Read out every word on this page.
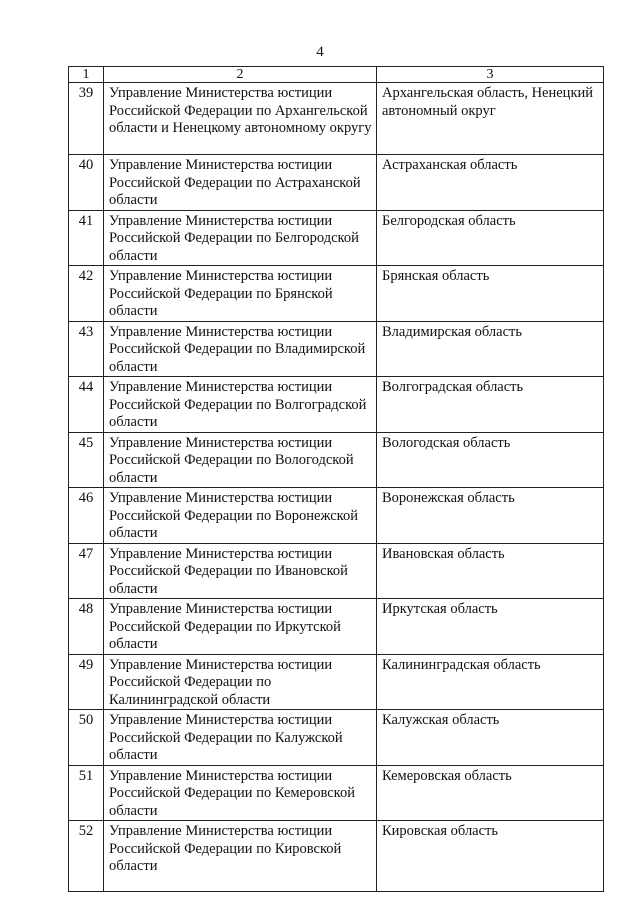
4
1	2	3
39	Управление Министерства юстиции Российской Федерации по Архангельской области и Ненецкому автономному округу	Архангельская область, Ненецкий автономный округ
40	Управление Министерства юстиции Российской Федерации по Астраханской области	Астраханская область
41	Управление Министерства юстиции Российской Федерации по Белгородской области	Белгородская область
42	Управление Министерства юстиции Российской Федерации по Брянской области	Брянская область
43	Управление Министерства юстиции Российской Федерации по Владимирской области	Владимирская область
44	Управление Министерства юстиции Российской Федерации по Волгоградской области	Волгоградская область
45	Управление Министерства юстиции Российской Федерации по Вологодской области	Вологодская область
46	Управление Министерства юстиции Российской Федерации по Воронежской области	Воронежская область
47	Управление Министерства юстиции Российской Федерации по Ивановской области	Ивановская область
48	Управление Министерства юстиции Российской Федерации по Иркутской области	Иркутская область
49	Управление Министерства юстиции Российской Федерации по Калининградской области	Калининградская область
50	Управление Министерства юстиции Российской Федерации по Калужской области	Калужская область
51	Управление Министерства юстиции Российской Федерации по Кемеровской области	Кемеровская область
52	Управление Министерства юстиции Российской Федерации по Кировской области	Кировская область
